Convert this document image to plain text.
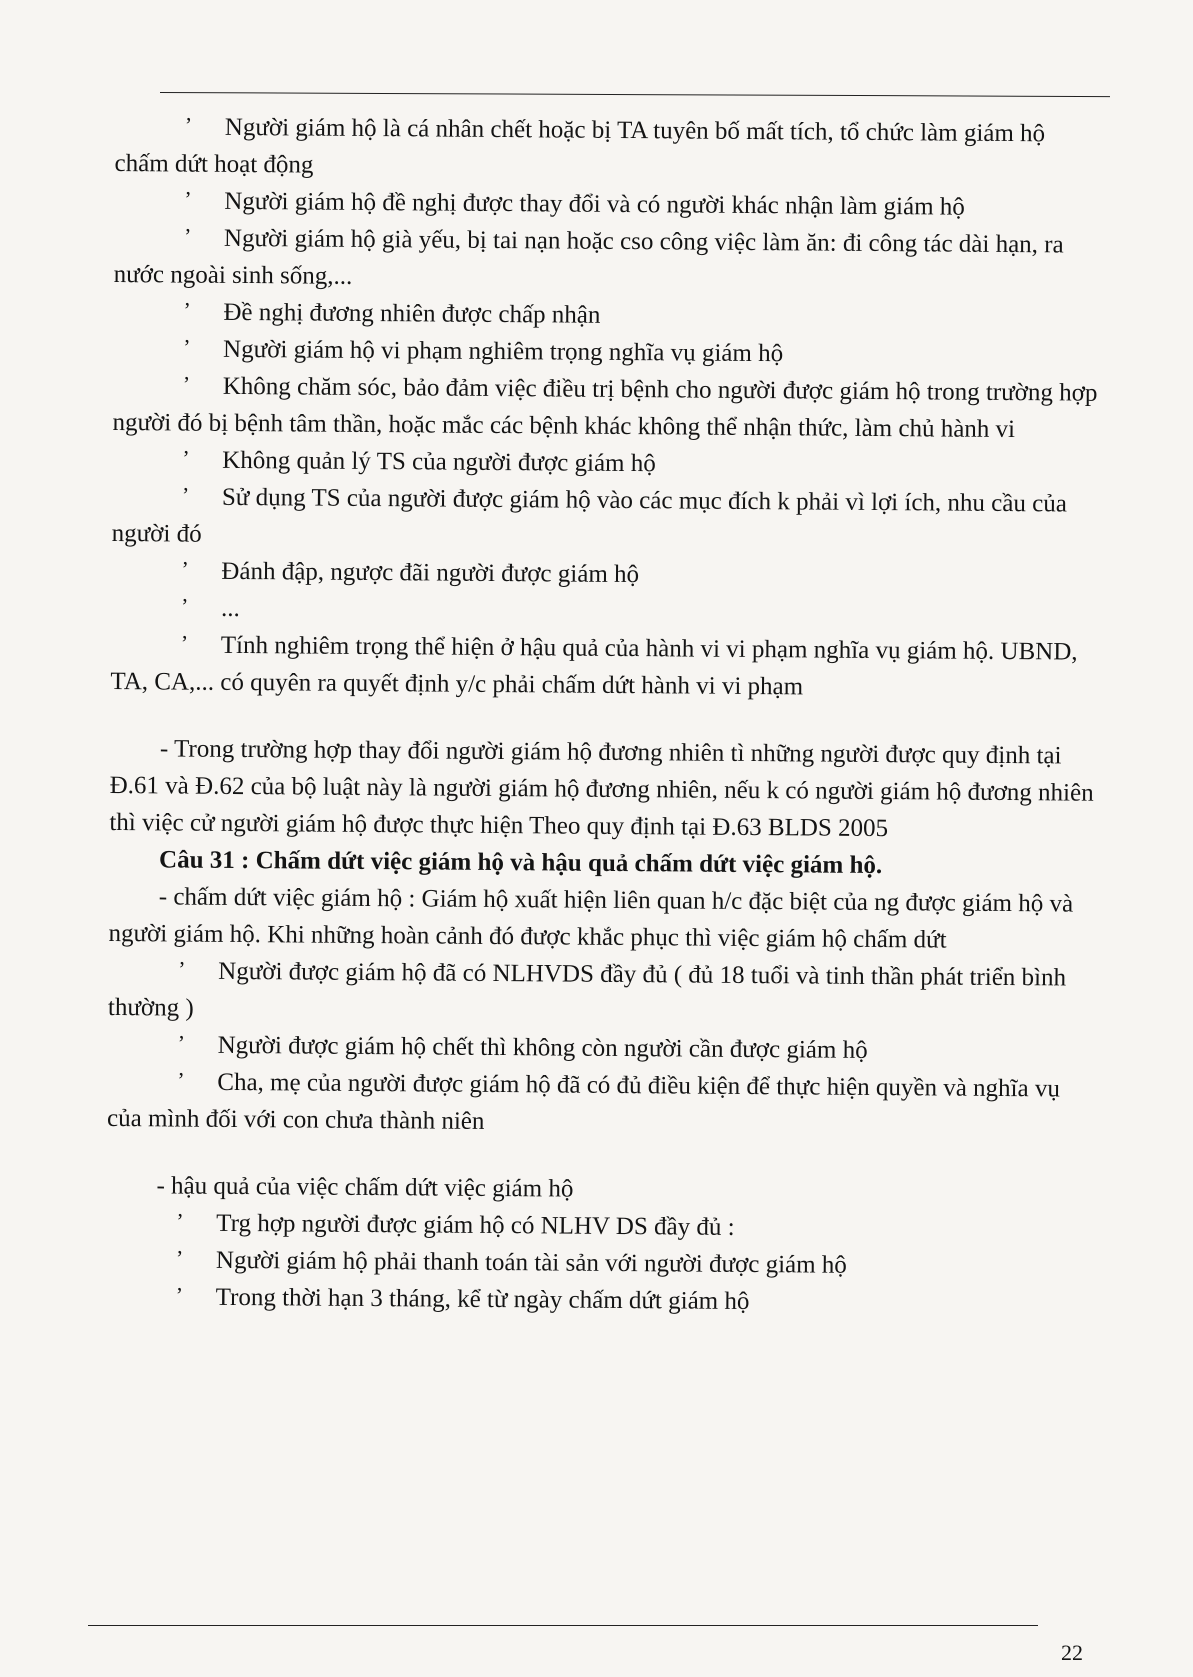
’ Người giám hộ là cá nhân chết hoặc bị TA tuyên bố mất tích, tổ chức làm giám hộ chấm dứt hoạt động

’ Người giám hộ đề nghị được thay đổi và có người khác nhận làm giám hộ

’ Người giám hộ già yếu, bị tai nạn hoặc cso công việc làm ăn: đi công tác dài hạn, ra nước ngoài sinh sống,...

’ Đề nghị đương nhiên được chấp nhận

’ Người giám hộ vi phạm nghiêm trọng nghĩa vụ giám hộ

’ Không chăm sóc, bảo đảm việc điều trị bệnh cho người được giám hộ trong trường hợp người đó bị bệnh tâm thần, hoặc mắc các bệnh khác không thể nhận thức, làm chủ hành vi

’ Không quản lý TS của người được giám hộ

’ Sử dụng TS của người được giám hộ vào các mục đích k phải vì lợi ích, nhu cầu của người đó

’ Đánh đập, ngược đãi người được giám hộ

’ ...

’ Tính nghiêm trọng thể hiện ở hậu quả của hành vi vi phạm nghĩa vụ giám hộ. UBND, TA, CA,... có quyên ra quyết định y/c phải chấm dứt hành vi vi phạm

- Trong trường hợp thay đổi người giám hộ đương nhiên tì những người được quy định tại Đ.61 và Đ.62 của bộ luật này là người giám hộ đương nhiên, nếu k có người giám hộ đương nhiên thì việc cử người giám hộ được thực hiện Theo quy định tại Đ.63 BLDS 2005

Câu 31 : Chấm dứt việc giám hộ và hậu quả chấm dứt việc giám hộ.

- chấm dứt việc giám hộ : Giám hộ xuất hiện liên quan h/c đặc biệt của ng được giám hộ và người giám hộ. Khi những hoàn cảnh đó được khắc phục thì việc giám hộ chấm dứt

’ Người được giám hộ đã có NLHVDS đầy đủ ( đủ 18 tuổi và tinh thần phát triển bình thường )

’ Người được giám hộ chết thì không còn người cần được giám hộ

’ Cha, mẹ của người được giám hộ đã có đủ điều kiện để thực hiện quyền và nghĩa vụ của mình đối với con chưa thành niên

- hậu quả của việc chấm dứt việc giám hộ

’ Trg hợp người được giám hộ có NLHV DS đầy đủ :

’ Người giám hộ phải thanh toán tài sản với người được giám hộ

’ Trong thời hạn 3 tháng, kể từ ngày chấm dứt giám hộ

22
